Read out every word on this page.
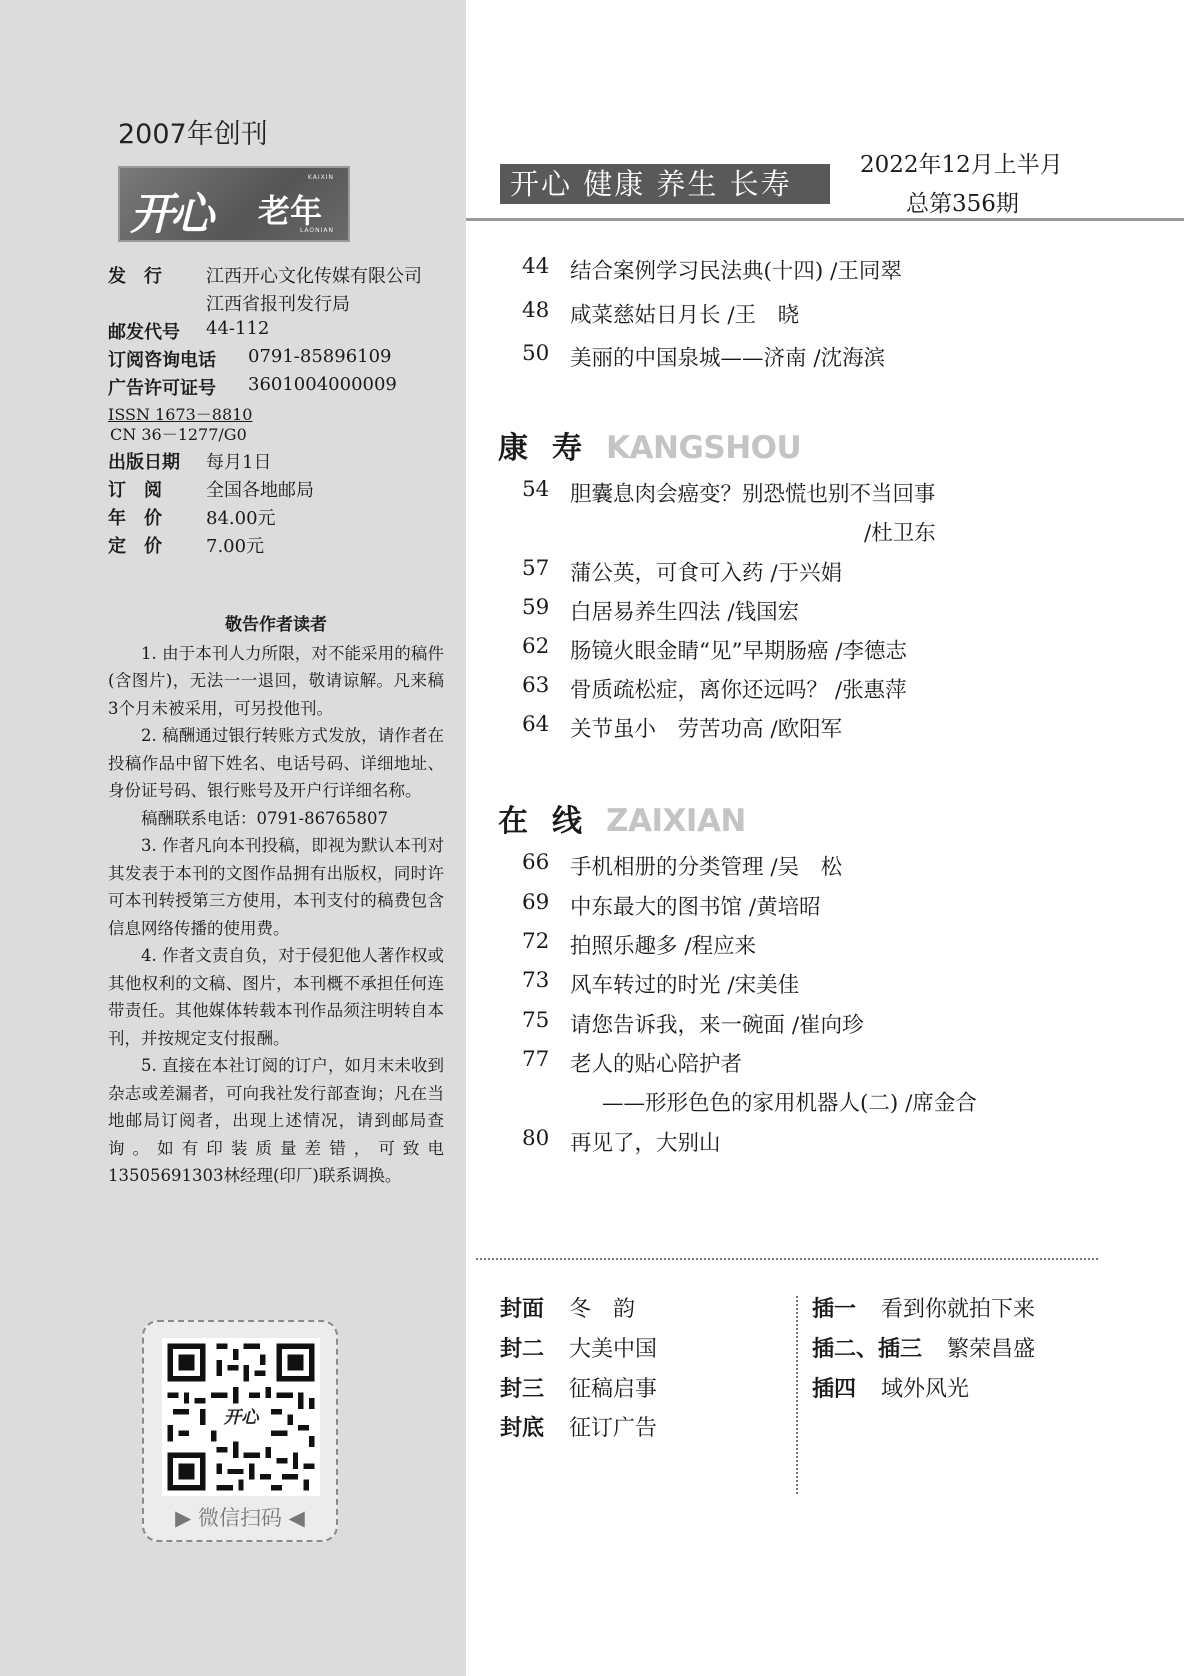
2007年创刊
开心 老年
KAIXIN
LAONIAN
发　行 江西开心文化传媒有限公司
江西省报刊发行局
邮发代号 44-112
订阅咨询电话 0791-85896109
广告许可证号 3601004000009
ISSN 1673－8810
CN 36－1277/G0
出版日期 每月1日
订　阅 全国各地邮局
年　价 84.00元
定　价 7.00元
敬告作者读者

1. 由于本刊人力所限，对不能采用的稿件(含图片)，无法一一退回，敬请谅解。凡来稿3个月未被采用，可另投他刊。

2. 稿酬通过银行转账方式发放，请作者在投稿作品中留下姓名、电话号码、详细地址、身份证号码、银行账号及开户行详细名称。

稿酬联系电话：0791-86765807

3. 作者凡向本刊投稿，即视为默认本刊对其发表于本刊的文图作品拥有出版权，同时许可本刊转授第三方使用，本刊支付的稿费包含信息网络传播的使用费。

4. 作者文责自负，对于侵犯他人著作权或其他权利的文稿、图片，本刊概不承担任何连带责任。其他媒体转载本刊作品须注明转自本刊，并按规定支付报酬。

5. 直接在本社订阅的订户，如月末未收到杂志或差漏者，可向我社发行部查询；凡在当地邮局订阅者，出现上述情况，请到邮局查询。如有印装质量差错，可致电13505691303林经理(印厂)联系调换。

开心
▶ 微信扫码 ◀
开心 健康 养生 长寿
2022年12月上半月
总第356期
44 结合案例学习民法典(十四) /王同翠
48 咸菜慈姑日月长 /王　晓
50 美丽的中国泉城——济南 /沈海滨
康寿KANGSHOU
54 胆囊息肉会癌变？别恐慌也别不当回事
/杜卫东
57 蒲公英，可食可入药 /于兴娟
59 白居易养生四法 /钱国宏
62 肠镜火眼金睛“见”早期肠癌 /李德志
63 骨质疏松症，离你还远吗？ /张惠萍
64 关节虽小　劳苦功高 /欧阳军
在线ZAIXIAN
66 手机相册的分类管理 /吴　松
69 中东最大的图书馆 /黄培昭
72 拍照乐趣多 /程应来
73 风车转过的时光 /宋美佳
75 请您告诉我，来一碗面 /崔向珍
77 老人的贴心陪护者
——形形色色的家用机器人(二) /席金合
80 再见了，大别山
封面 冬　韵
封二 大美中国
封三 征稿启事
封底 征订广告
插一 看到你就拍下来
插二、插三 繁荣昌盛
插四 域外风光
